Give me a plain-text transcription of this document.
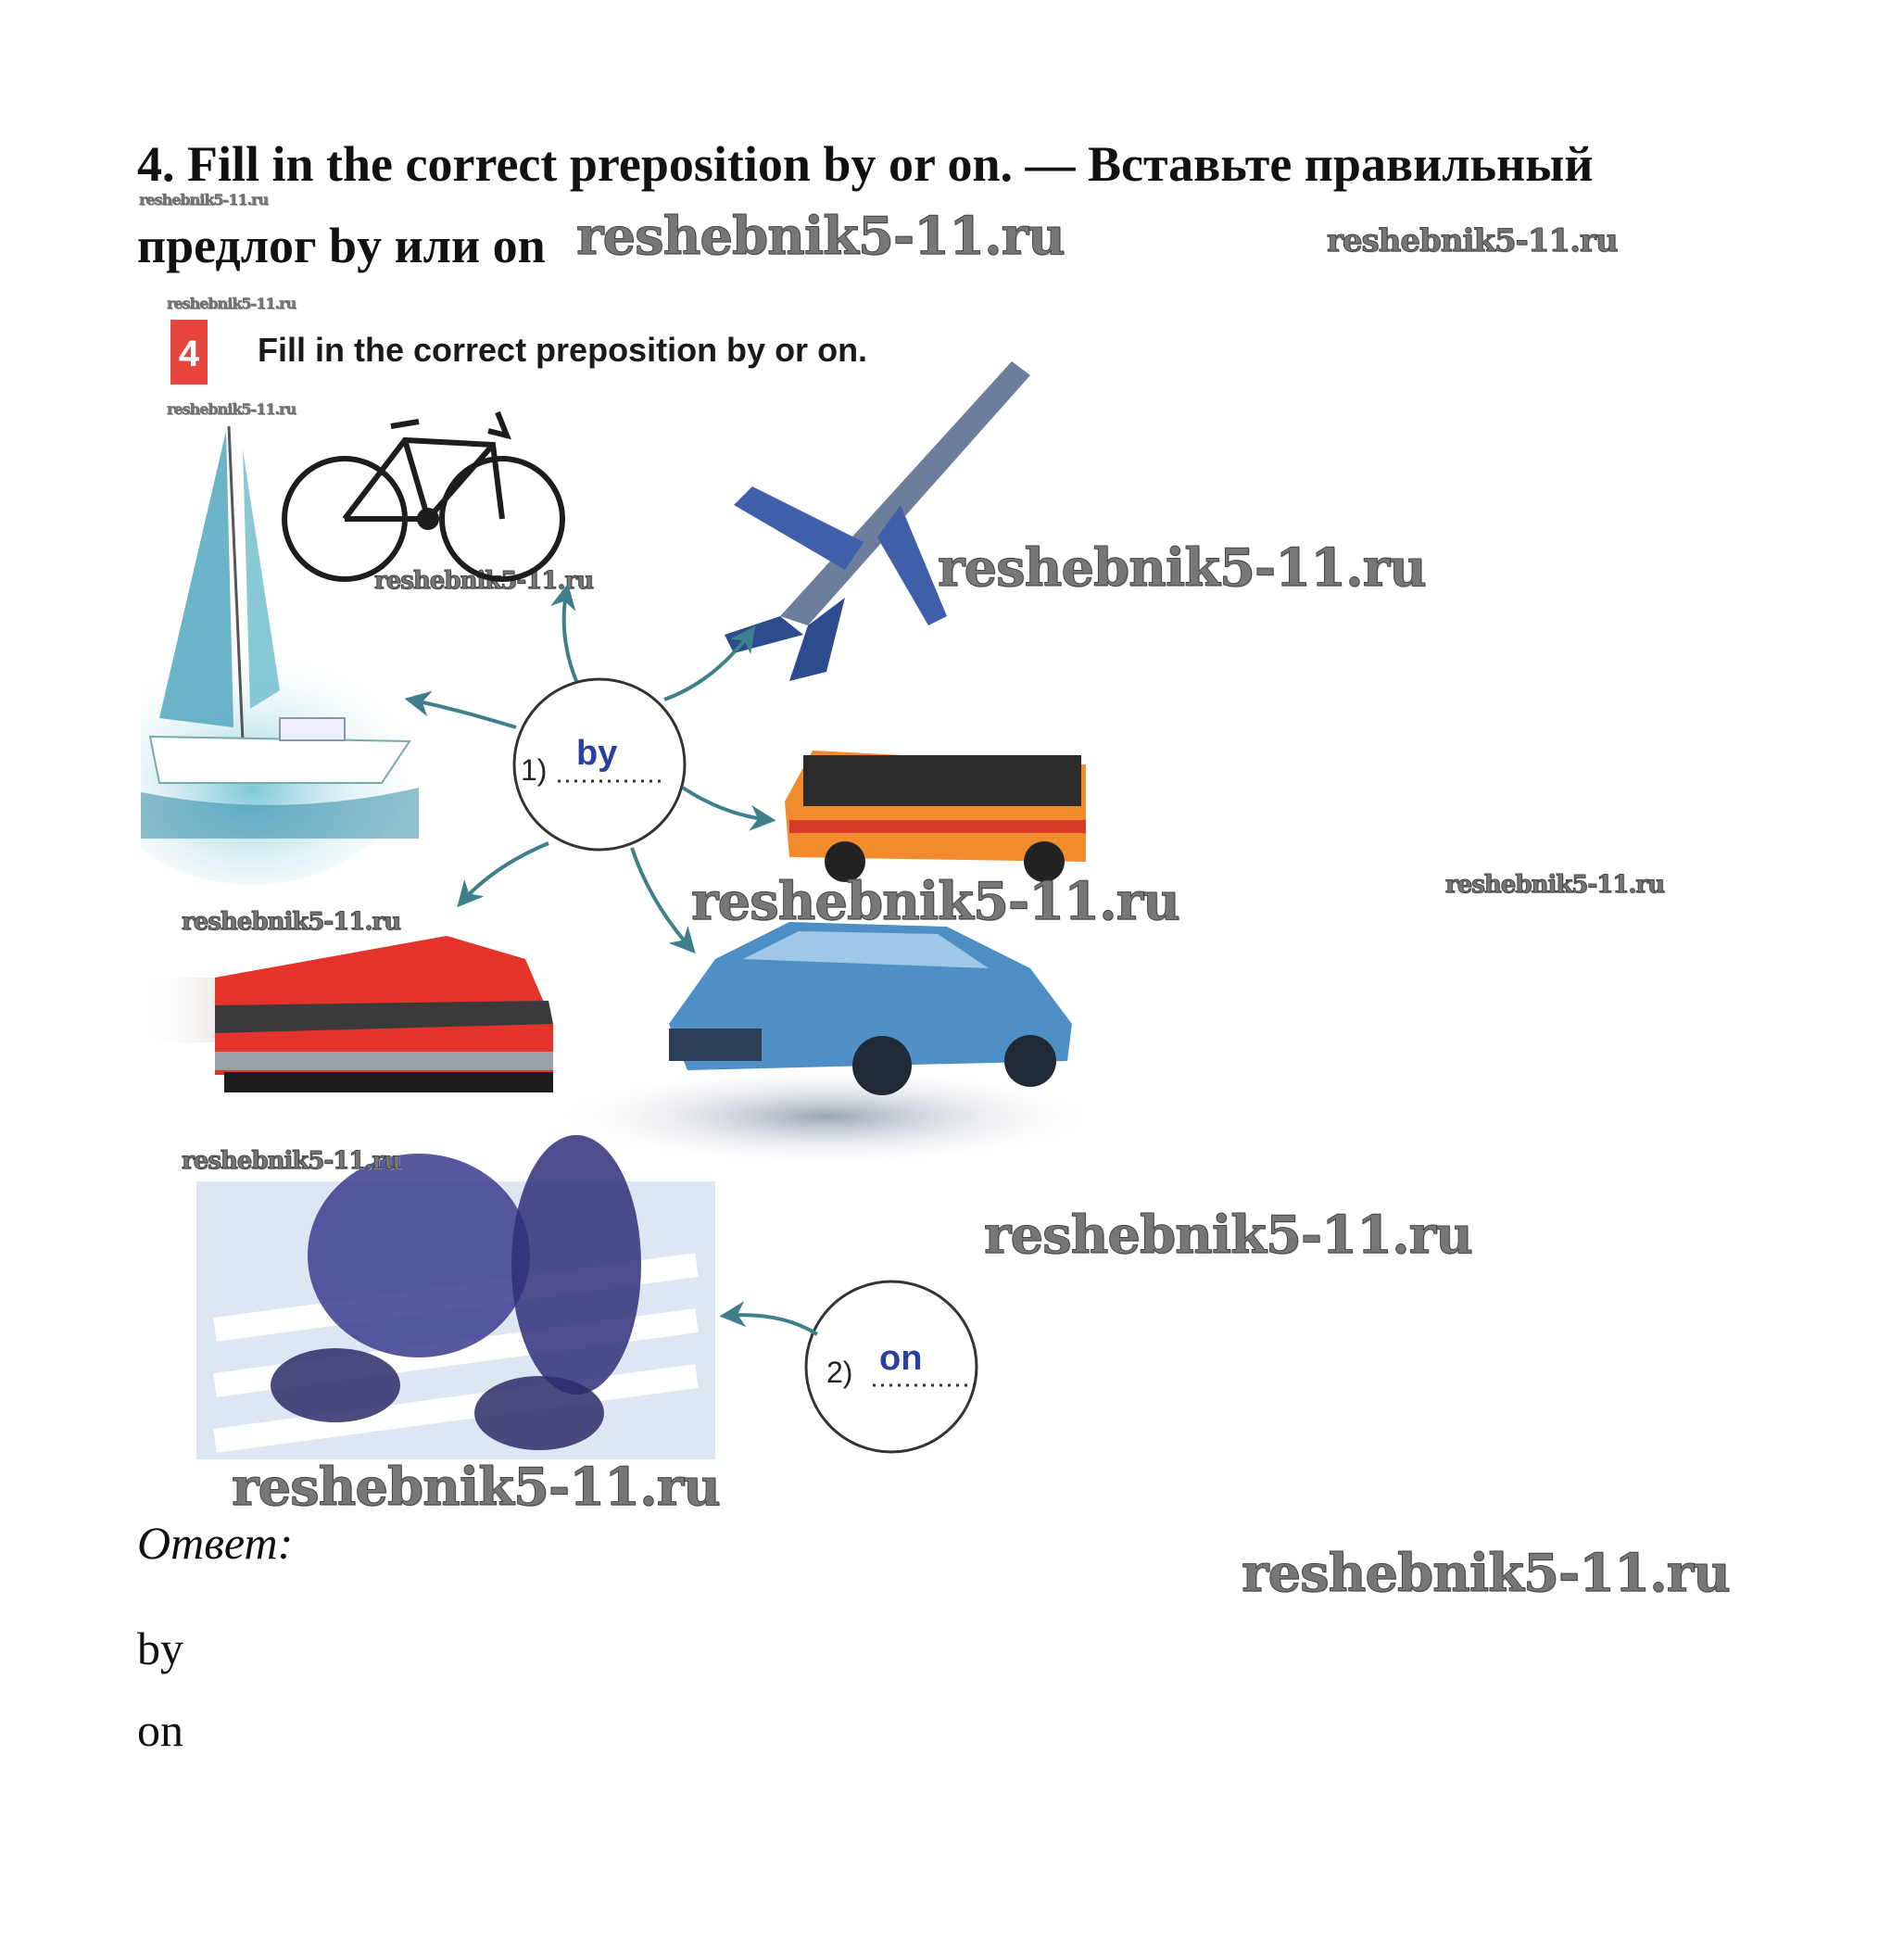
4. Fill in the correct preposition by or on. — Вставьте правильный
предлог by или on
reshebnik5-11.ru
reshebnik5-11.ru	reshebnik5-11.ru
reshebnik5-11.ru
reshebnik5-11.ru
reshebnik5-11.ru
4 Fill in the correct preposition by or on.
1) by
2) on
reshebnik5-11.ru
reshebnik5-11.ru	reshebnik5-11.ru
reshebnik5-11.ru
reshebnik5-11.ru
reshebnik5-11.ru
reshebnik5-11.ru
reshebnik5-11.ru
Ответ:
by
on
